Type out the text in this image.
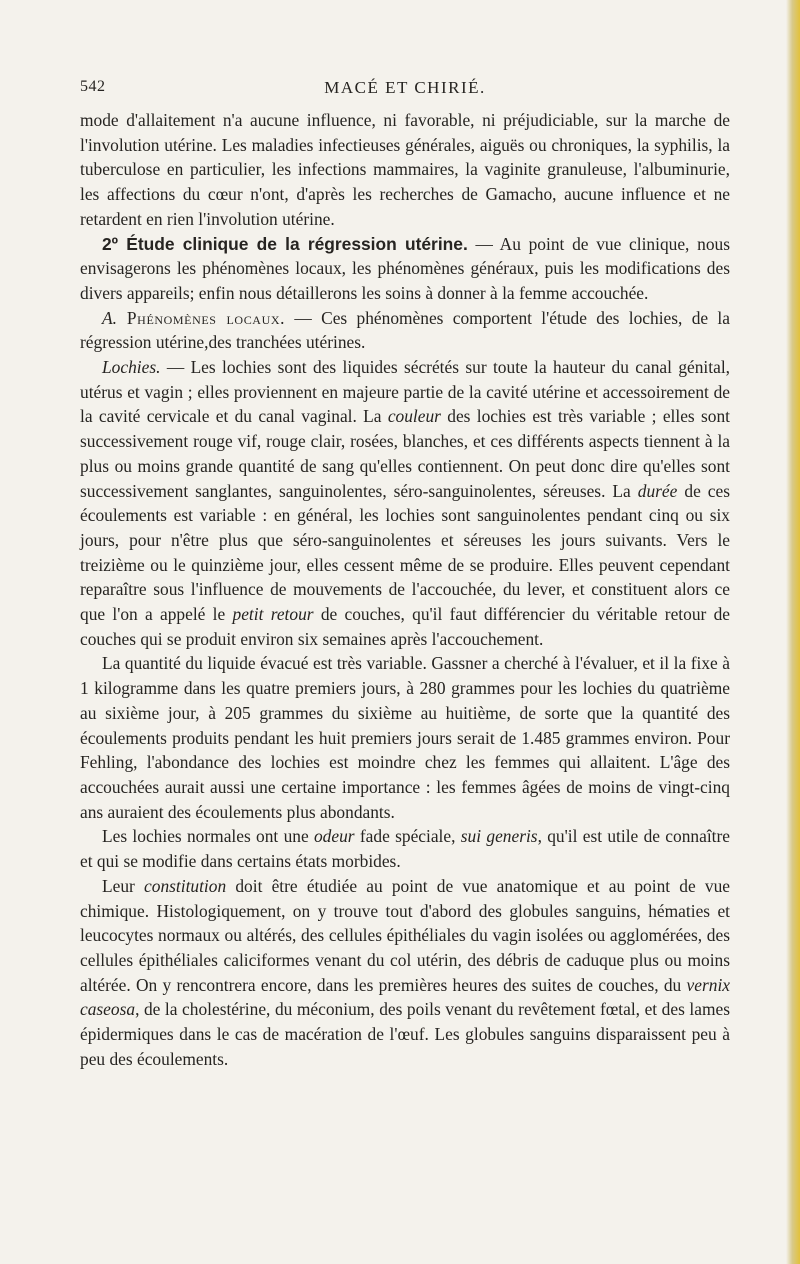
542	MACÉ ET CHIRIÉ.

mode d'allaitement n'a aucune influence, ni favorable, ni préjudiciable, sur la marche de l'involution utérine. Les maladies infectieuses générales, aiguës ou chroniques, la syphilis, la tuberculose en particulier, les infections mammaires, la vaginite granuleuse, l'albuminurie, les affections du cœur n'ont, d'après les recherches de Gamacho, aucune influence et ne retardent en rien l'involution utérine.

2º Étude clinique de la régression utérine. — Au point de vue clinique, nous envisagerons les phénomènes locaux, les phénomènes généraux, puis les modifications des divers appareils; enfin nous détaillerons les soins à donner à la femme accouchée.

A. Phénomènes locaux. — Ces phénomènes comportent l'étude des lochies, de la régression utérine,des tranchées utérines.

Lochies. — Les lochies sont des liquides sécrétés sur toute la hauteur du canal génital, utérus et vagin ; elles proviennent en majeure partie de la cavité utérine et accessoirement de la cavité cervicale et du canal vaginal. La couleur des lochies est très variable ; elles sont successivement rouge vif, rouge clair, rosées, blanches, et ces différents aspects tiennent à la plus ou moins grande quantité de sang qu'elles contiennent. On peut donc dire qu'elles sont successivement sanglantes, sanguinolentes, séro-sanguinolentes, séreuses. La durée de ces écoulements est variable : en général, les lochies sont sanguinolentes pendant cinq ou six jours, pour n'être plus que séro-sanguinolentes et séreuses les jours suivants. Vers le treizième ou le quinzième jour, elles cessent même de se produire. Elles peuvent cependant reparaître sous l'influence de mouvements de l'accouchée, du lever, et constituent alors ce que l'on a appelé le petit retour de couches, qu'il faut différencier du véritable retour de couches qui se produit environ six semaines après l'accouchement.

La quantité du liquide évacué est très variable. Gassner a cherché à l'évaluer, et il la fixe à 1 kilogramme dans les quatre premiers jours, à 280 grammes pour les lochies du quatrième au sixième jour, à 205 grammes du sixième au huitième, de sorte que la quantité des écoulements produits pendant les huit premiers jours serait de 1.485 grammes environ. Pour Fehling, l'abondance des lochies est moindre chez les femmes qui allaitent. L'âge des accouchées aurait aussi une certaine importance : les femmes âgées de moins de vingt-cinq ans auraient des écoulements plus abondants.

Les lochies normales ont une odeur fade spéciale, sui generis, qu'il est utile de connaître et qui se modifie dans certains états morbides.

Leur constitution doit être étudiée au point de vue anatomique et au point de vue chimique. Histologiquement, on y trouve tout d'abord des globules sanguins, hématies et leucocytes normaux ou altérés, des cellules épithéliales du vagin isolées ou agglomérées, des cellules épithéliales caliciformes venant du col utérin, des débris de caduque plus ou moins altérée. On y rencontrera encore, dans les premières heures des suites de couches, du vernix caseosa, de la cholestérine, du méconium, des poils venant du revêtement fœtal, et des lames épidermiques dans le cas de macération de l'œuf. Les globules sanguins disparaissent peu à peu des écoulements.
